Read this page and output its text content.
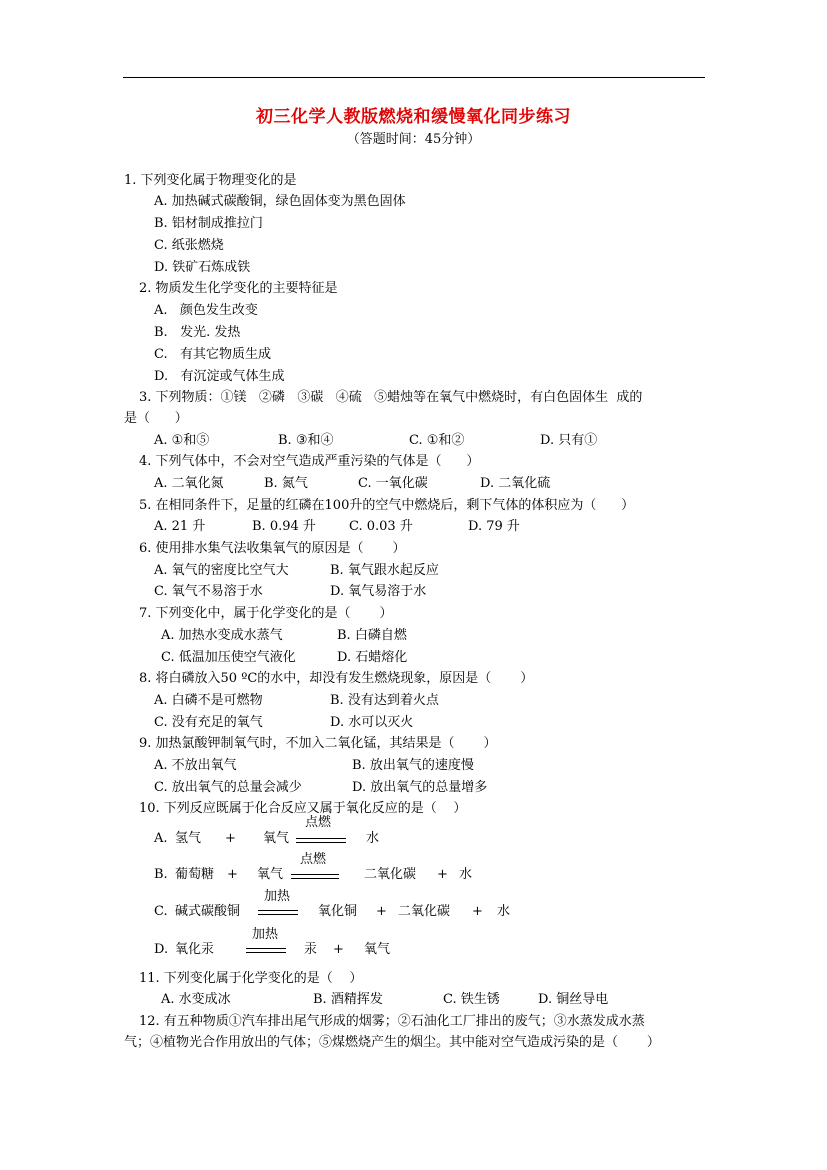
初三化学人教版燃烧和缓慢氧化同步练习
（答题时间：45分钟）
1. 下列变化属于物理变化的是
A. 加热碱式碳酸铜，绿色固体变为黑色固体
B. 铝材制成推拉门
C. 纸张燃烧
D. 铁矿石炼成铁
2. 物质发生化学变化的主要特征是
A.   颜色发生改变
B.   发光. 发热
C.   有其它物质生成
D.   有沉淀或气体生成
3. 下列物质：①镁   ②磷   ③碳   ④硫   ⑤蜡烛等在氧气中燃烧时，有白色固体生  成的
是（      ）
A. ①和⑤	B. ③和④	C. ①和②	D. 只有①
4. 下列气体中，不会对空气造成严重污染的气体是（      ）
A. 二氧化氮	B. 氮气	C. 一氧化碳	D. 二氧化硫
5. 在相同条件下，足量的红磷在100升的空气中燃烧后，剩下气体的体积应为（      ）
A. 21 升	B. 0.94 升	C. 0.03 升	D. 79 升
6. 使用排水集气法收集氧气的原因是（       ）
A. 氧气的密度比空气大	B. 氧气跟水起反应
C. 氧气不易溶于水	D. 氧气易溶于水
7. 下列变化中，属于化学变化的是（       ）
A. 加热水变成水蒸气	B. 白磷自燃
C. 低温加压使空气液化	D. 石蜡熔化
8. 将白磷放入50 ºC的水中，却没有发生燃烧现象，原因是（       ）
A. 白磷不是可燃物	B. 没有达到着火点
C. 没有充足的氧气	D. 水可以灭火
9. 加热氯酸钾制氧气时，不加入二氧化锰，其结果是（       ）
A. 不放出氧气	B. 放出氧气的速度慢
C. 放出氧气的总量会减少	D. 放出氧气的总量增多
10. 下列反应既属于化合反应又属于氧化反应的是（    ）
A. 氢气 + 氧气
点燃
水
B. 葡萄糖 + 氧气
点燃
二氧化碳 + 水
C. 碱式碳酸铜
加热
氧化铜 + 二氧化碳 + 水
D. 氧化汞
加热
汞 + 氧气
11. 下列变化属于化学变化的是（    ）
A. 水变成冰	B. 酒精挥发	C. 铁生锈	D. 铜丝导电
12. 有五种物质①汽车排出尾气形成的烟雾；②石油化工厂排出的废气；③水蒸发成水蒸
气；④植物光合作用放出的气体；⑤煤燃烧产生的烟尘。其中能对空气造成污染的是（       ）
